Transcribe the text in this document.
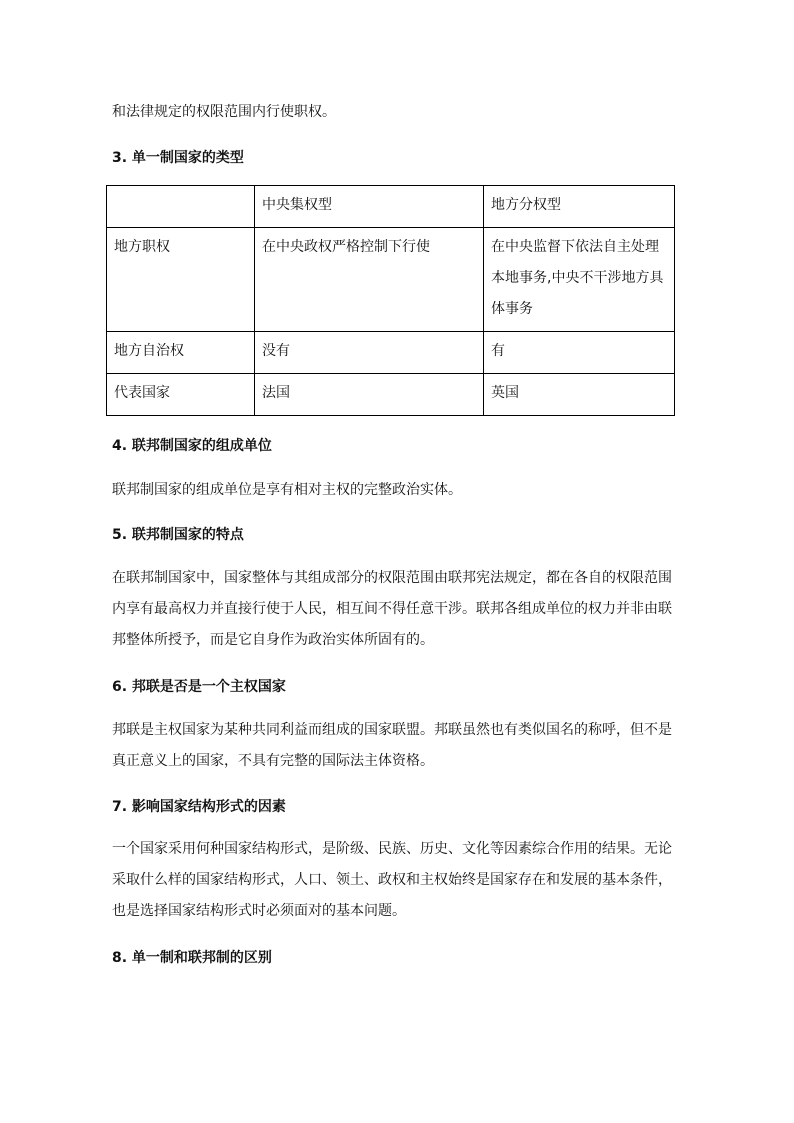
和法律规定的权限范围内行使职权。
3. 单一制国家的类型
	中央集权型	地方分权型
地方职权	在中央政权严格控制下行使	在中央监督下依法自主处理本地事务,中央不干涉地方具体事务
地方自治权	没有	有
代表国家	法国	英国
4. 联邦制国家的组成单位
联邦制国家的组成单位是享有相对主权的完整政治实体。
5. 联邦制国家的特点
在联邦制国家中，国家整体与其组成部分的权限范围由联邦宪法规定，都在各自的权限范围内享有最高权力并直接行使于人民，相互间不得任意干涉。联邦各组成单位的权力并非由联邦整体所授予，而是它自身作为政治实体所固有的。
6. 邦联是否是一个主权国家
邦联是主权国家为某种共同利益而组成的国家联盟。邦联虽然也有类似国名的称呼，但不是真正意义上的国家，不具有完整的国际法主体资格。
7. 影响国家结构形式的因素
一个国家采用何种国家结构形式，是阶级、民族、历史、文化等因素综合作用的结果。无论采取什么样的国家结构形式，人口、领土、政权和主权始终是国家存在和发展的基本条件，也是选择国家结构形式时必须面对的基本问题。
8. 单一制和联邦制的区别
